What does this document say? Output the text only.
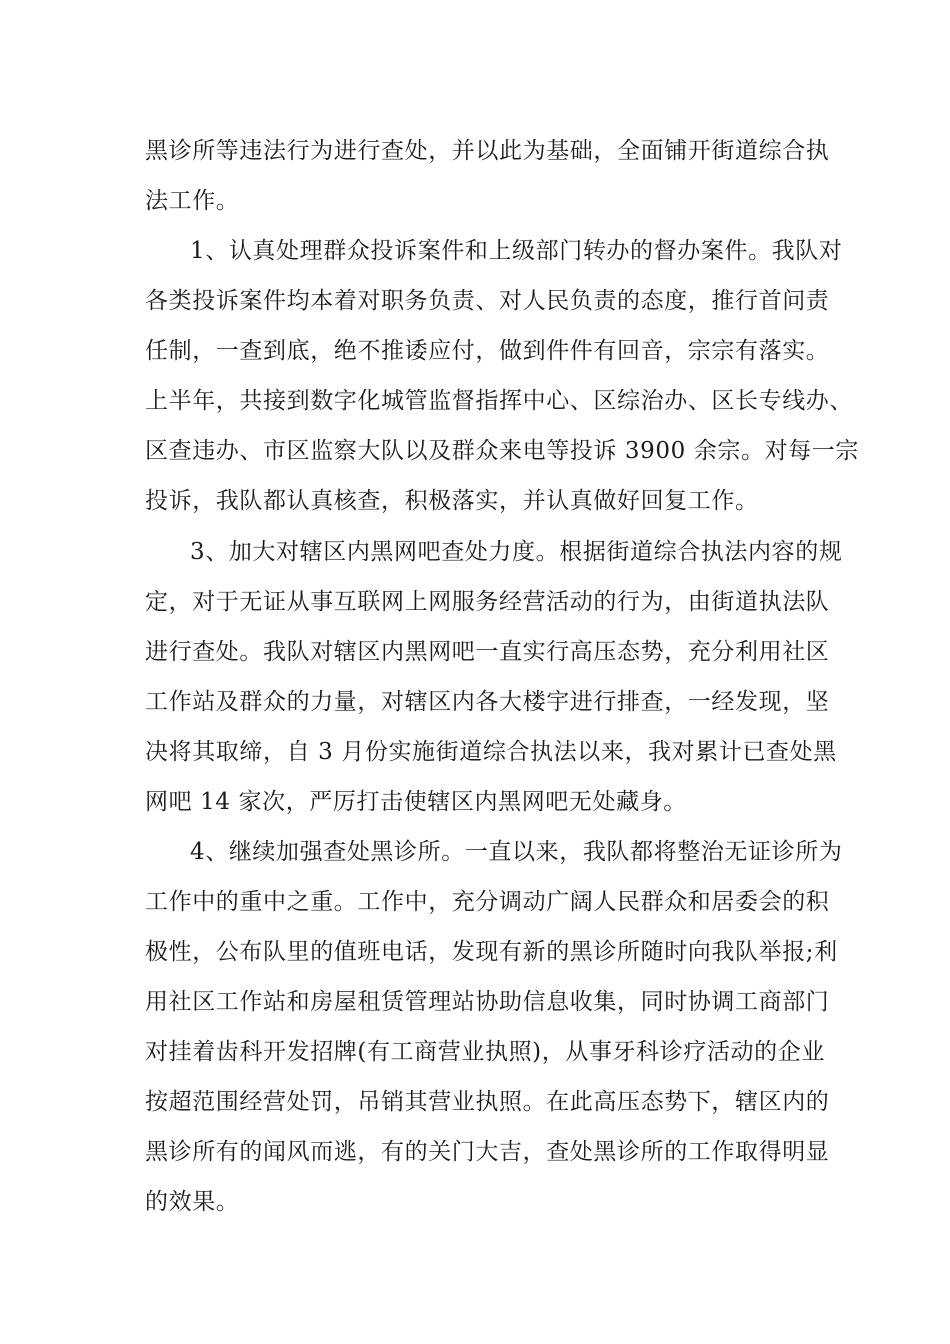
黑诊所等违法行为进行查处，并以此为基础，全面铺开街道综合执
法工作。
1、认真处理群众投诉案件和上级部门转办的督办案件。我队对
各类投诉案件均本着对职务负责、对人民负责的态度，推行首问责
任制，一查到底，绝不推诿应付，做到件件有回音，宗宗有落实。
上半年，共接到数字化城管监督指挥中心、区综治办、区长专线办、
区查违办、市区监察大队以及群众来电等投诉 3900 余宗。对每一宗
投诉，我队都认真核查，积极落实，并认真做好回复工作。
3、加大对辖区内黑网吧查处力度。根据街道综合执法内容的规
定，对于无证从事互联网上网服务经营活动的行为，由街道执法队
进行查处。我队对辖区内黑网吧一直实行高压态势，充分利用社区
工作站及群众的力量，对辖区内各大楼宇进行排查，一经发现，坚
决将其取缔，自 3 月份实施街道综合执法以来，我对累计已查处黑
网吧 14 家次，严厉打击使辖区内黑网吧无处藏身。
4、继续加强查处黑诊所。一直以来，我队都将整治无证诊所为
工作中的重中之重。工作中，充分调动广阔人民群众和居委会的积
极性，公布队里的值班电话，发现有新的黑诊所随时向我队举报;利
用社区工作站和房屋租赁管理站协助信息收集，同时协调工商部门
对挂着齿科开发招牌(有工商营业执照)，从事牙科诊疗活动的企业
按超范围经营处罚，吊销其营业执照。在此高压态势下，辖区内的
黑诊所有的闻风而逃，有的关门大吉，查处黑诊所的工作取得明显
的效果。
